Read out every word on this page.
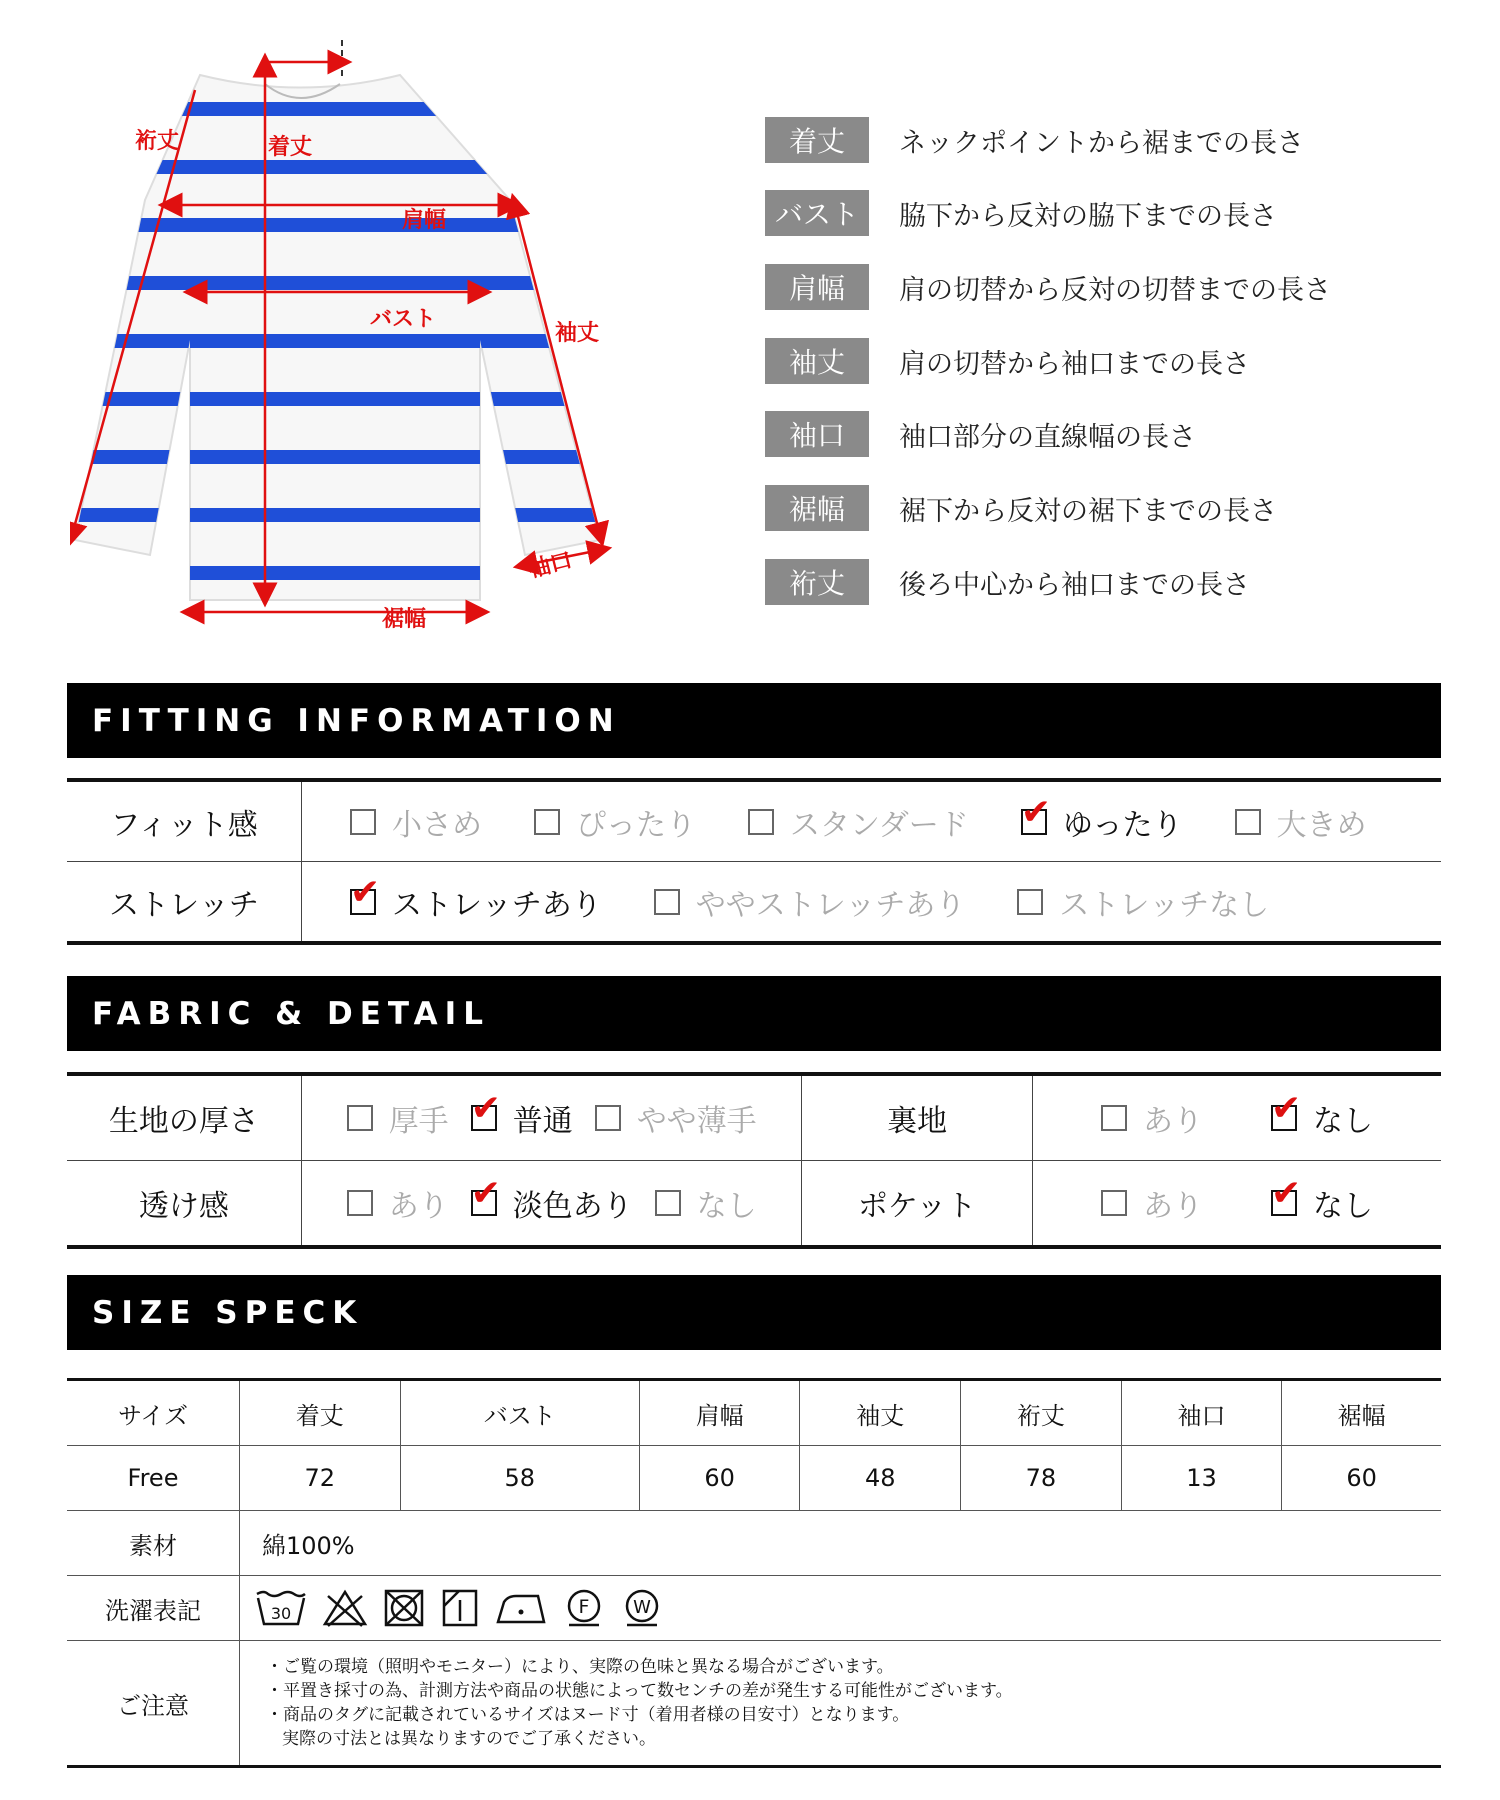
裄丈	着丈
肩幅
バスト
袖丈
袖口
裾幅
着丈	ネックポイントから裾までの長さ
バスト	脇下から反対の脇下までの長さ
肩幅	肩の切替から反対の切替までの長さ
袖丈	肩の切替から袖口までの長さ
袖口	袖口部分の直線幅の長さ
裾幅	裾下から反対の裾下までの長さ
裄丈	後ろ中心から袖口までの長さ
FITTING INFORMATION
フィット感	小さめ	ぴったり	スタンダード ✔ ゆったり	大きめ
ストレッチ	✔ ストレッチあり	ややストレッチあり	ストレッチなし
FABRIC & DETAIL
生地の厚さ	厚手 ✔ 普通 やや薄手	裏地	あり ✔ なし
透け感	あり ✔ 淡色あり なし	ポケット	あり ✔ なし
SIZE SPECK
サイズ	着丈	バスト	肩幅	袖丈	裄丈	袖口	裾幅
Free	72	58	60	48	78	13	60
素材	綿100%						
洗濯表記	30 F W						

ご注意	・ご覧の環境（照明やモニター）により、実際の色味と異なる場合がございます。
・平置き採寸の為、計測方法や商品の状態によって数センチの差が発生する可能性がございます。
・商品のタグに記載されているサイズはヌード寸（着用者様の目安寸）となります。
実際の寸法とは異なりますのでご了承ください。						
